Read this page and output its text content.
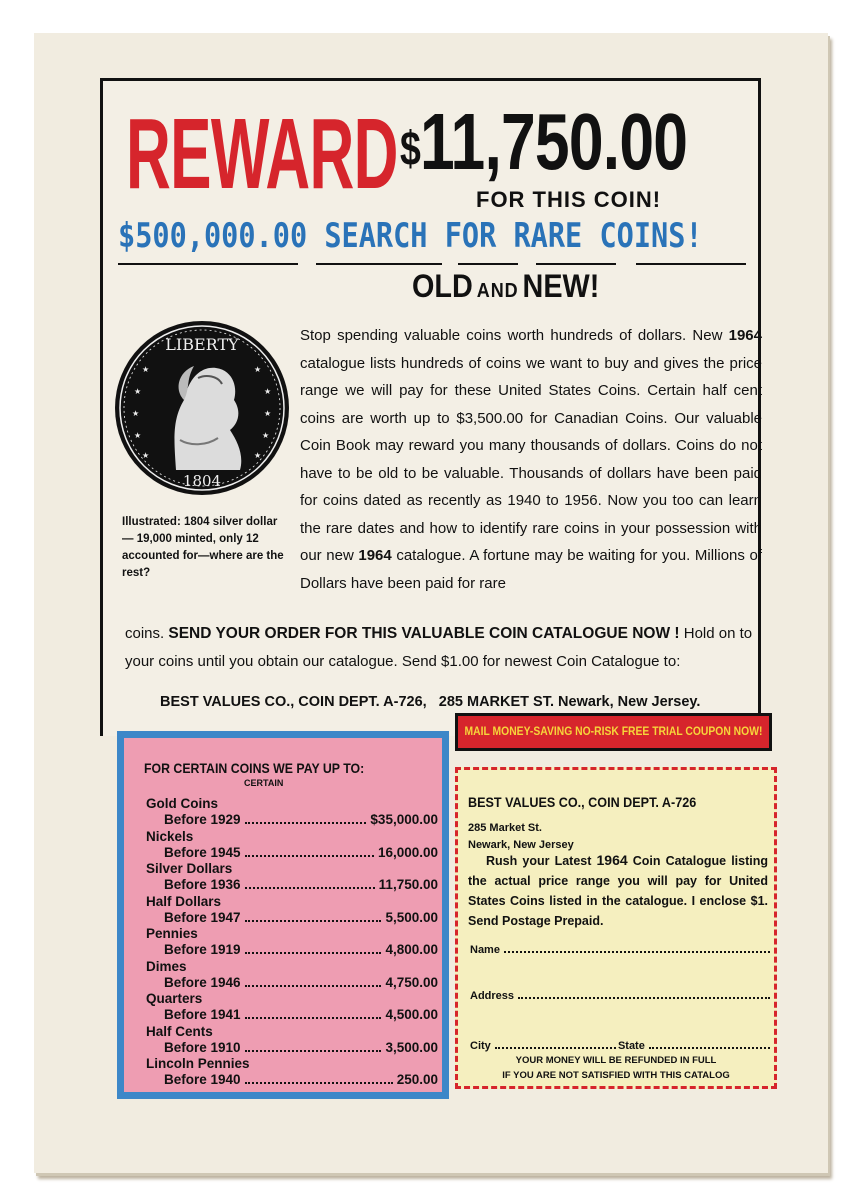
REWARD $11,750.00
FOR THIS COIN!
$500,000.00 SEARCH FOR RARE COINS!
OLD AND NEW!
★
★
★
★
★
★
★
★
★
★
LIBERTY
1804
Illustrated: 1804 silver dollar — 19,000 minted, only 12 accounted for—where are the rest?
Stop spending valuable coins worth hundreds of dollars. New 1964 catalogue lists hundreds of coins we want to buy and gives the price range we will pay for these United States Coins. Certain half cent coins are worth up to $3,500.00 for Canadian Coins. Our valuable Coin Book may reward you many thousands of dollars. Coins do not have to be old to be valuable. Thousands of dollars have been paid for coins dated as recently as 1940 to 1956. Now you too can learn the rare dates and how to identify rare coins in your possession with our new 1964 catalogue. A fortune may be waiting for you. Millions of Dollars have been paid for rare
coins. SEND YOUR ORDER FOR THIS VALUABLE COIN CATALOGUE NOW ! Hold on to your coins until you obtain our catalogue. Send $1.00 for newest Coin Catalogue to:
BEST VALUES CO., COIN DEPT. A-726, 285 MARKET ST. Newark, New Jersey.
FOR CERTAIN COINS WE PAY UP TO:
CERTAIN
Gold Coins
Before 1929	$35,000.00
Nickels
Before 1945	16,000.00
Silver Dollars
Before 1936	11,750.00
Half Dollars
Before 1947	5,500.00
Pennies
Before 1919	4,800.00
Dimes
Before 1946	4,750.00
Quarters
Before 1941	4,500.00
Half Cents
Before 1910	3,500.00
Lincoln Pennies
Before 1940	250.00
MAIL MONEY-SAVING NO-RISK FREE TRIAL COUPON NOW!
BEST VALUES CO., COIN DEPT. A-726
285 Market St.
Newark, New Jersey
Rush your Latest 1964 Coin Catalogue listing the actual price range you will pay for United States Coins listed in the catalogue. I enclose $1. Send Postage Prepaid.
Name
Address
City	State
YOUR MONEY WILL BE REFUNDED IN FULL
IF YOU ARE NOT SATISFIED WITH THIS CATALOG
